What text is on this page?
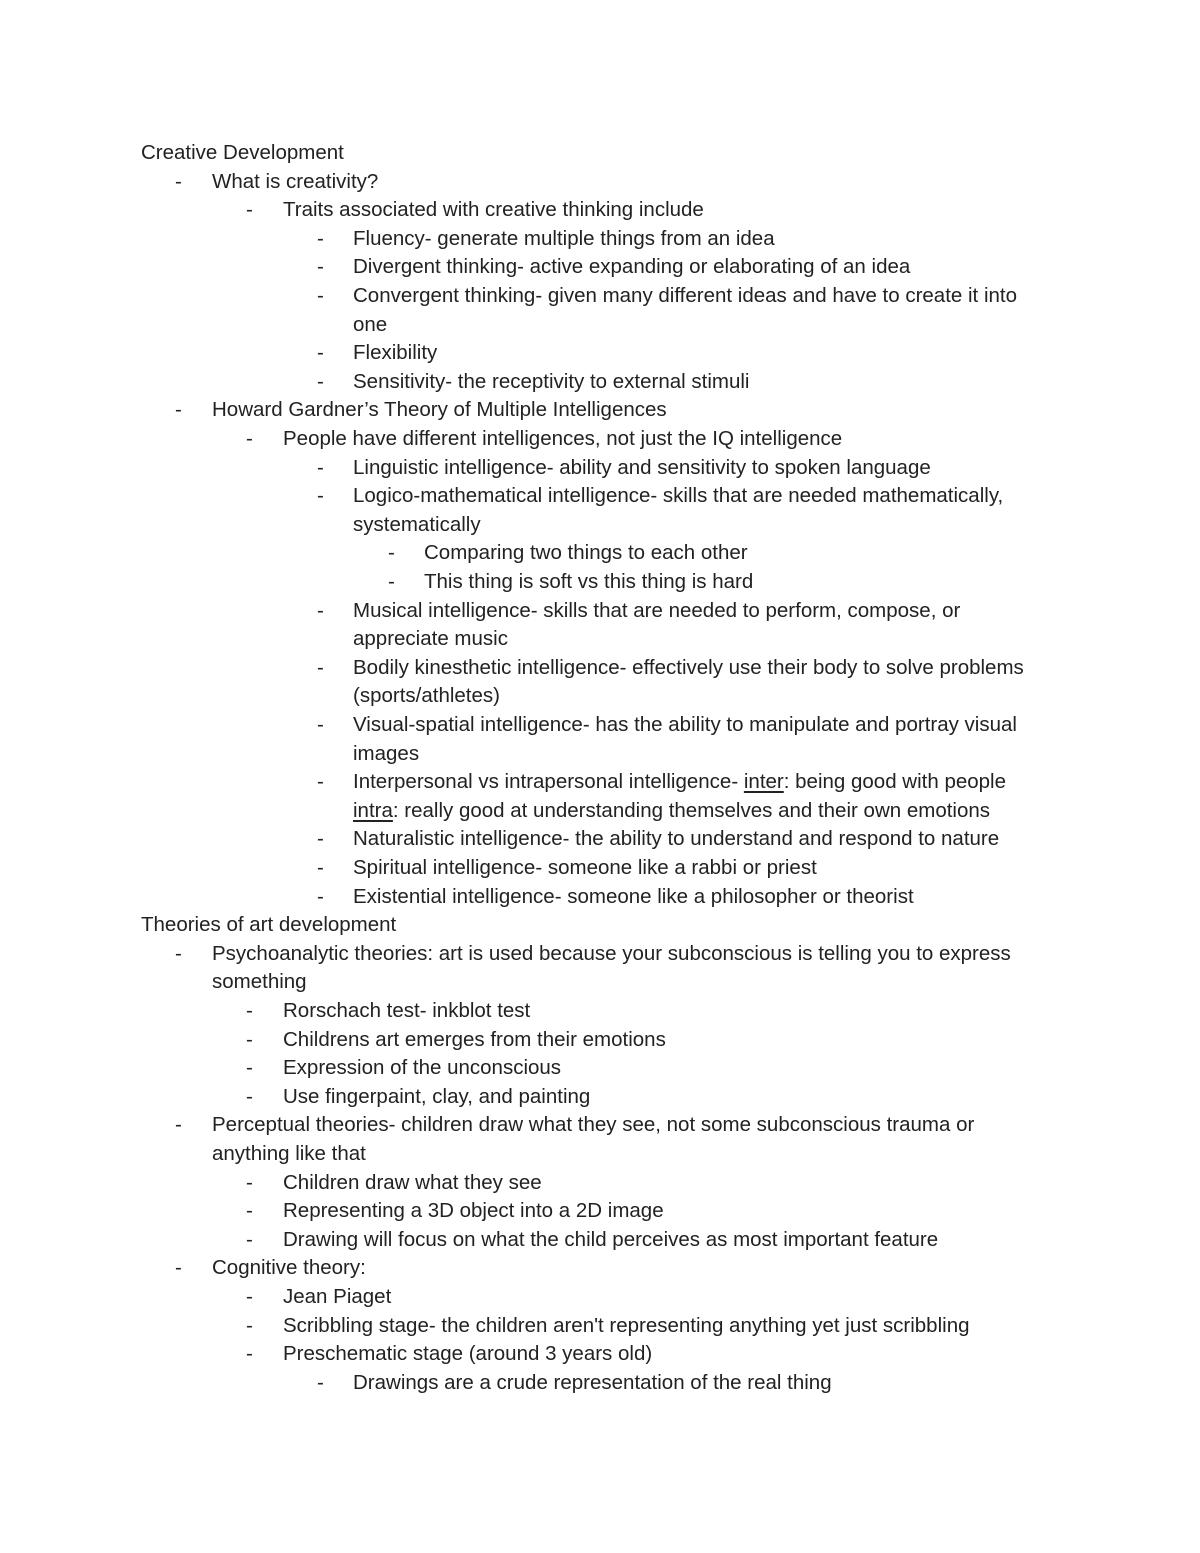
Creative Development
- What is creativity?
- Traits associated with creative thinking include
- Fluency- generate multiple things from an idea
- Divergent thinking- active expanding or elaborating of an idea
- Convergent thinking- given many different ideas and have to create it into
one
- Flexibility
- Sensitivity- the receptivity to external stimuli
- Howard Gardner’s Theory of Multiple Intelligences
- People have different intelligences, not just the IQ intelligence
- Linguistic intelligence- ability and sensitivity to spoken language
- Logico-mathematical intelligence- skills that are needed mathematically,
systematically
- Comparing two things to each other
- This thing is soft vs this thing is hard
- Musical intelligence- skills that are needed to perform, compose, or
appreciate music
- Bodily kinesthetic intelligence- effectively use their body to solve problems
(sports/athletes)
- Visual-spatial intelligence- has the ability to manipulate and portray visual
images
- Interpersonal vs intrapersonal intelligence- inter: being good with people
intra: really good at understanding themselves and their own emotions
- Naturalistic intelligence- the ability to understand and respond to nature
- Spiritual intelligence- someone like a rabbi or priest
- Existential intelligence- someone like a philosopher or theorist
Theories of art development
- Psychoanalytic theories: art is used because your subconscious is telling you to express
something
- Rorschach test- inkblot test
- Childrens art emerges from their emotions
- Expression of the unconscious
- Use fingerpaint, clay, and painting
- Perceptual theories- children draw what they see, not some subconscious trauma or
anything like that
- Children draw what they see
- Representing a 3D object into a 2D image
- Drawing will focus on what the child perceives as most important feature
- Cognitive theory:
- Jean Piaget
- Scribbling stage- the children aren't representing anything yet just scribbling
- Preschematic stage (around 3 years old)
- Drawings are a crude representation of the real thing
